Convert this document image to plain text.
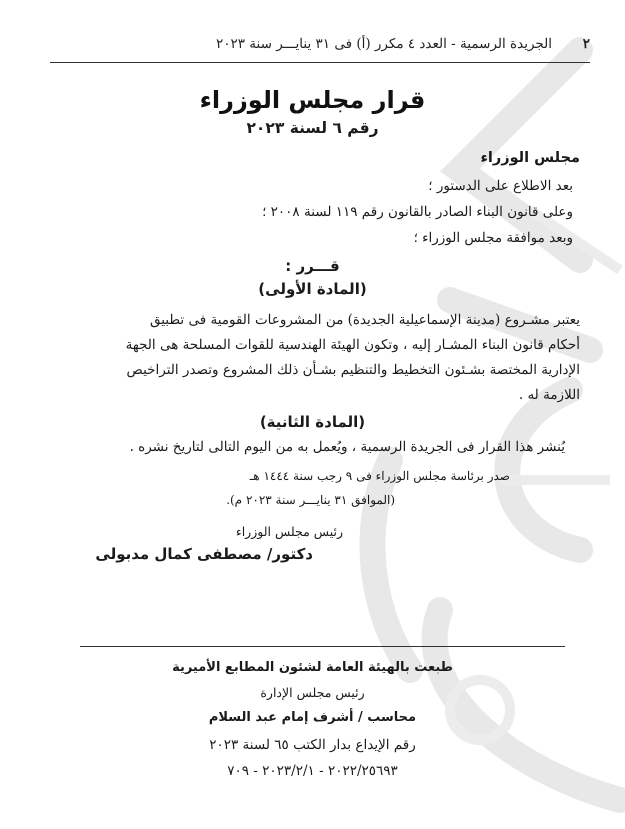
٢
الجريدة الرسمية - العدد ٤ مكرر (أ) فى ٣١ ينايـــر سنة ٢٠٢٣
قرار مجلس الوزراء
رقم ٦ لسنة ٢٠٢٣
مجلس الوزراء
بعد الاطلاع على الدستور ؛
وعلى قانون البناء الصادر بالقانون رقم ١١٩ لسنة ٢٠٠٨ ؛
وبعد موافقة مجلس الوزراء ؛
قـــرر :
(المادة الأولى)
يعتبر مشـروع (مدينة الإسماعيلية الجديدة) من المشروعات القومية فى تطبيق
أحكام قانون البناء المشـار إليه ، وتكون الهيئة الهندسية للقوات المسلحة هى الجهة
الإدارية المختصة بشـئون التخطيط والتنظيم بشـأن ذلك المشروع وتصدر التراخيص
اللازمة له .
(المادة الثانية)
يُنشر هذا القرار فى الجريدة الرسمية ، ويُعمل به من اليوم التالى لتاريخ نشره .
صدر برئاسة مجلس الوزراء فى ٩ رجب سنة ١٤٤٤ هـ
(الموافق ٣١ ينايـــر سنة ٢٠٢٣ م).
رئيس مجلس الوزراء
دكتور/ مصطفى كمال مدبولى
طبعت بالهيئة العامة لشئون المطابع الأميرية
رئيس مجلس الإدارة
محاسب / أشرف إمام عبد السلام
رقم الإيداع بدار الكتب ٦٥ لسنة ٢٠٢٣
٢٠٢٢/٢٥٦٩٣ - ٢٠٢٣/٢/١ - ٧٠٩
